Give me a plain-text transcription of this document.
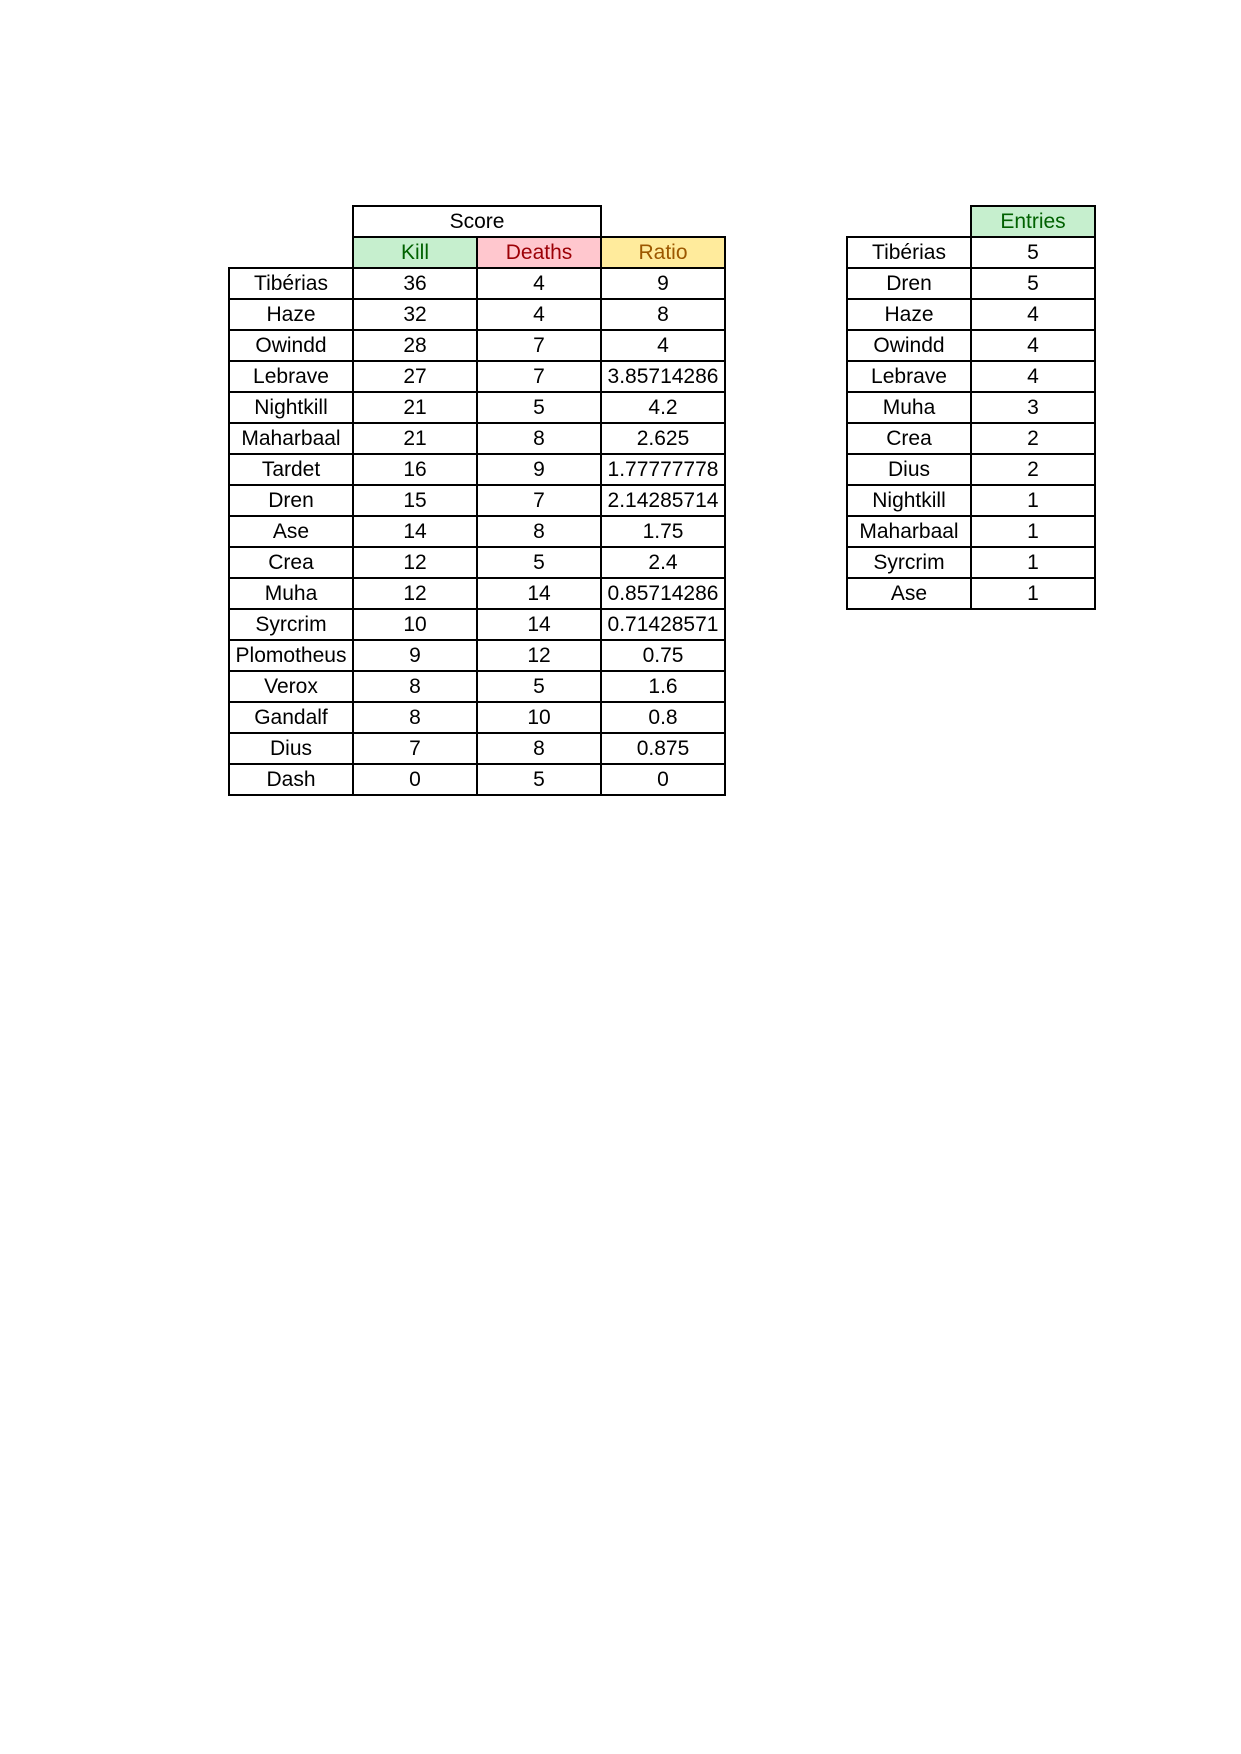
	Score		
	Kill	Deaths	Ratio
Tibérias	36	4	9
Haze	32	4	8
Owindd	28	7	4
Lebrave	27	7	3.85714286
Nightkill	21	5	4.2
Maharbaal	21	8	2.625
Tardet	16	9	1.77777778
Dren	15	7	2.14285714
Ase	14	8	1.75
Crea	12	5	2.4
Muha	12	14	0.85714286
Syrcrim	10	14	0.71428571
Plomotheus	9	12	0.75
Verox	8	5	1.6
Gandalf	8	10	0.8
Dius	7	8	0.875
Dash	0	5	0
	Entries
Tibérias	5
Dren	5
Haze	4
Owindd	4
Lebrave	4
Muha	3
Crea	2
Dius	2
Nightkill	1
Maharbaal	1
Syrcrim	1
Ase	1
